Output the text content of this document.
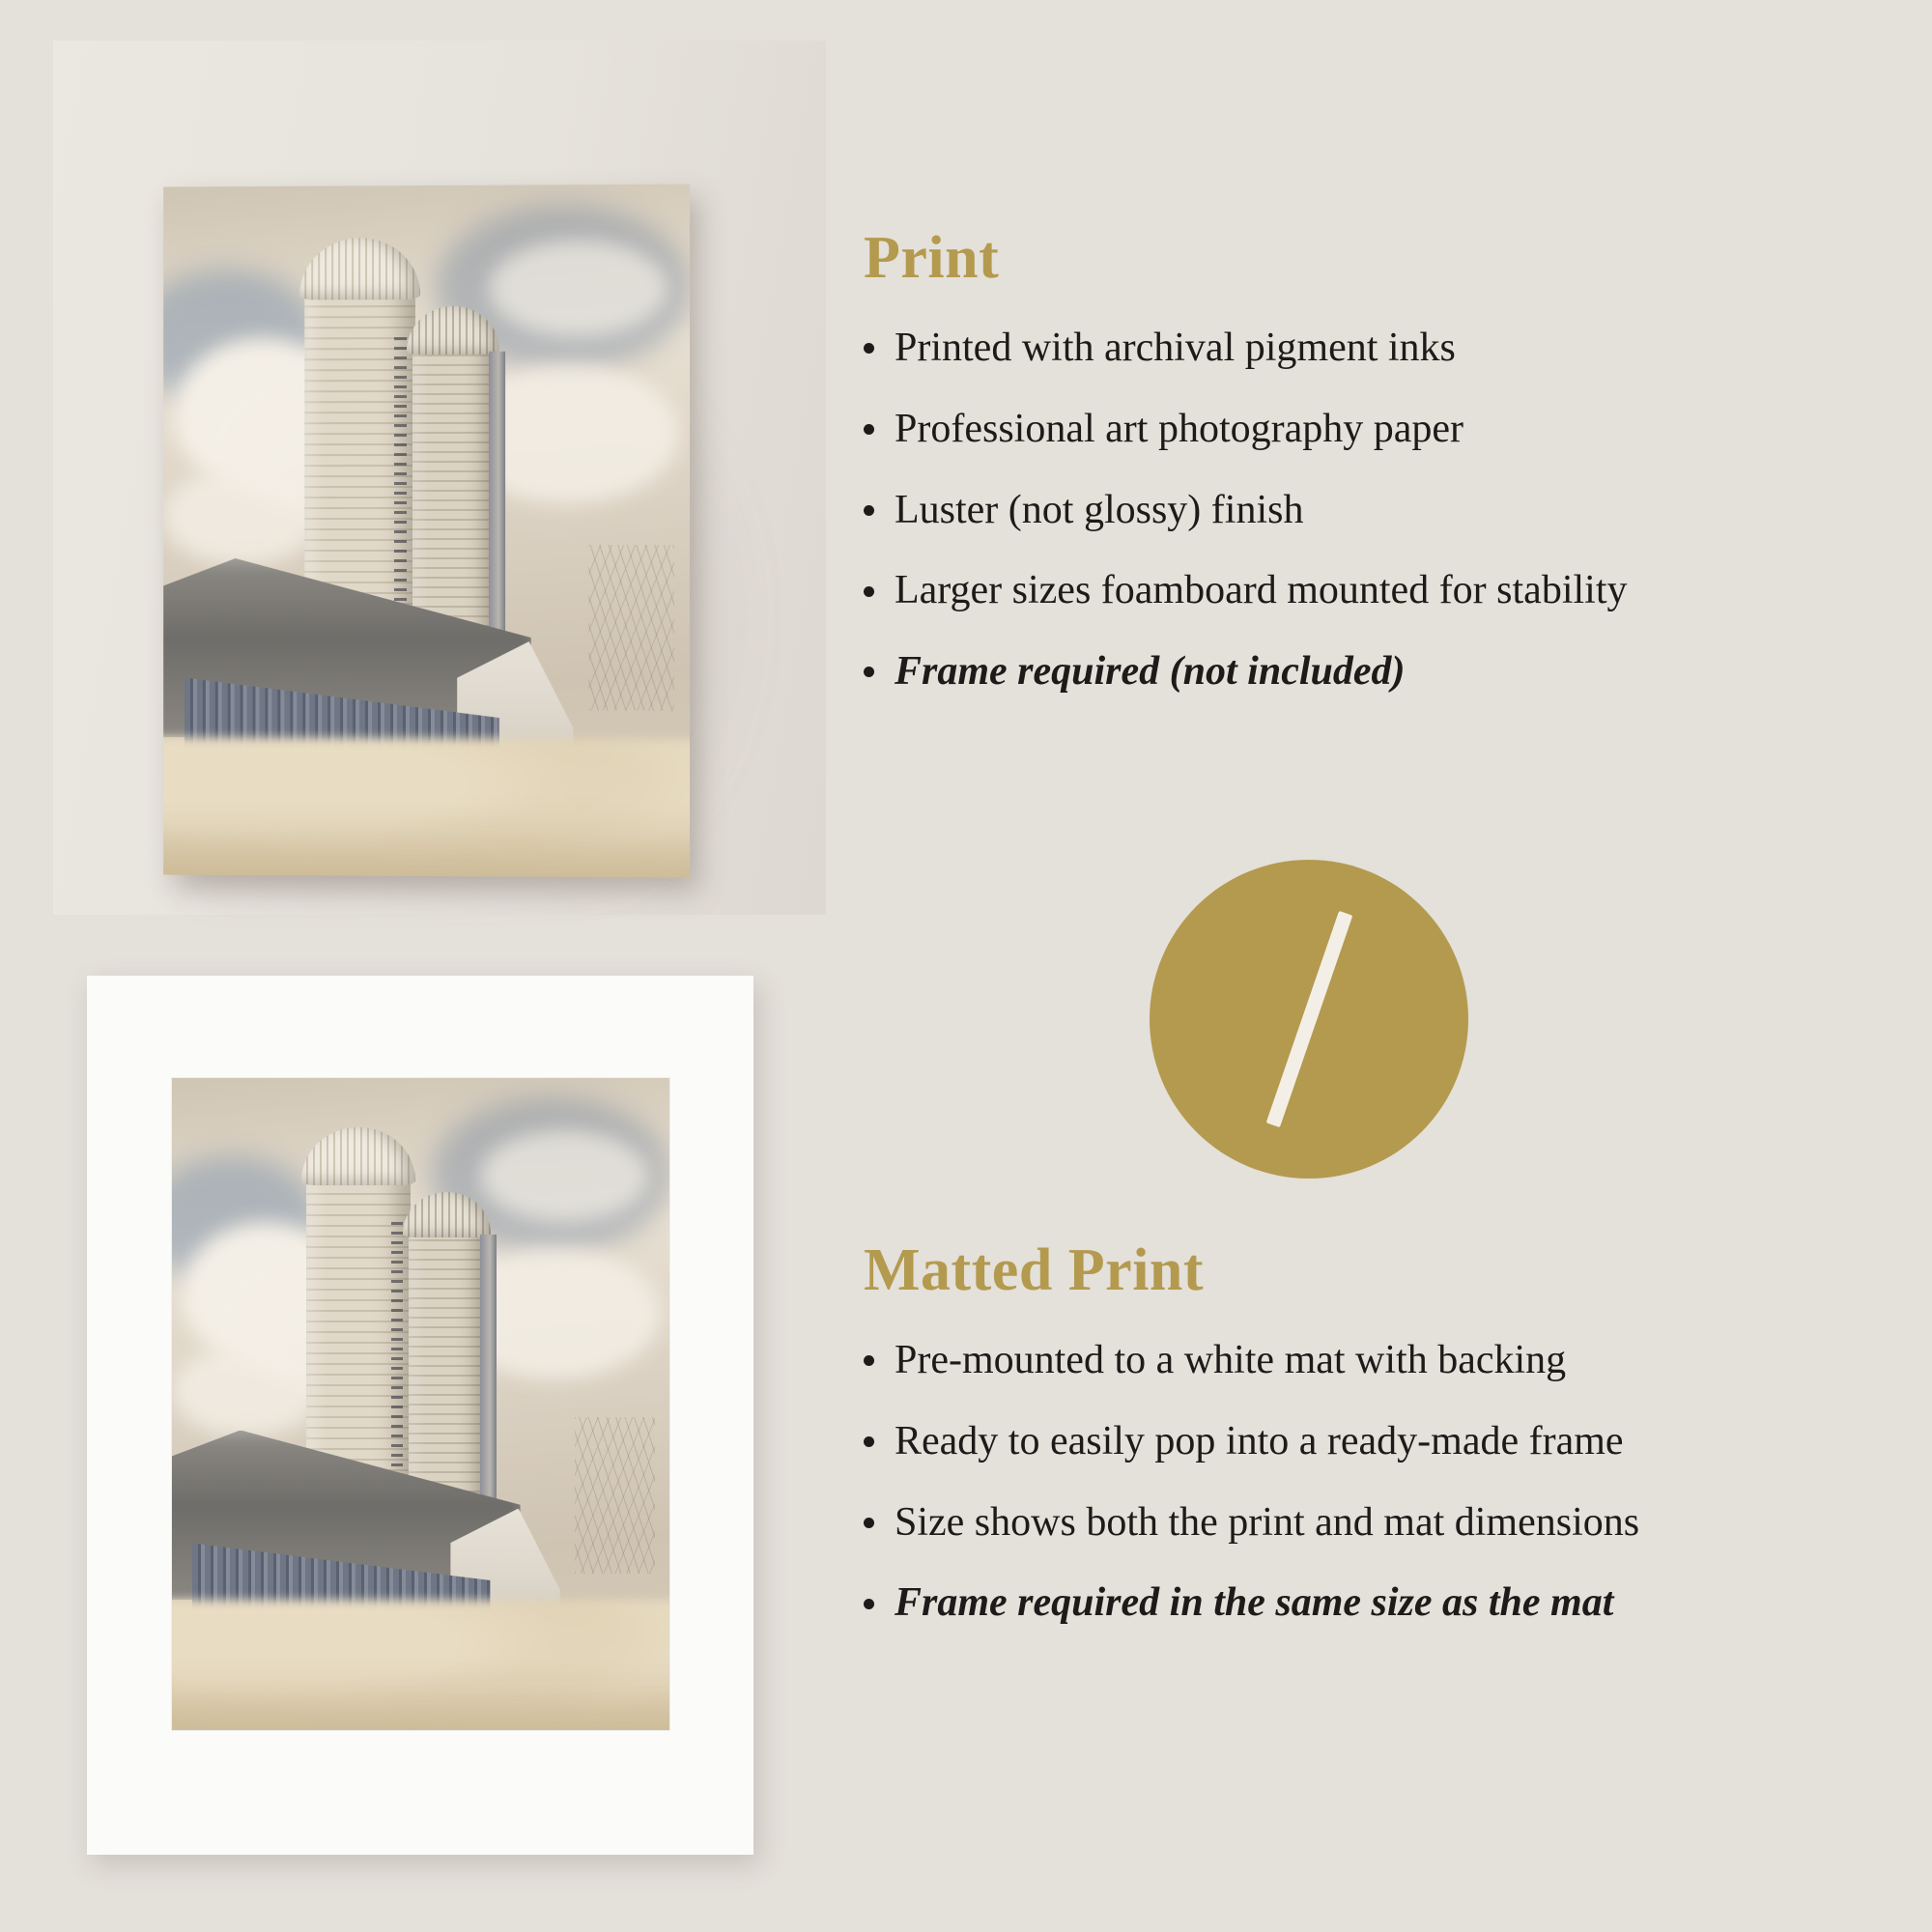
Print
Printed with archival pigment inks
Professional art photography paper
Luster (not glossy) finish
Larger sizes foamboard mounted for stability
Frame required (not included)
Matted Print
Pre-mounted to a white mat with backing
Ready to easily pop into a ready-made frame
Size shows both the print and mat dimensions
Frame required in the same size as the mat
